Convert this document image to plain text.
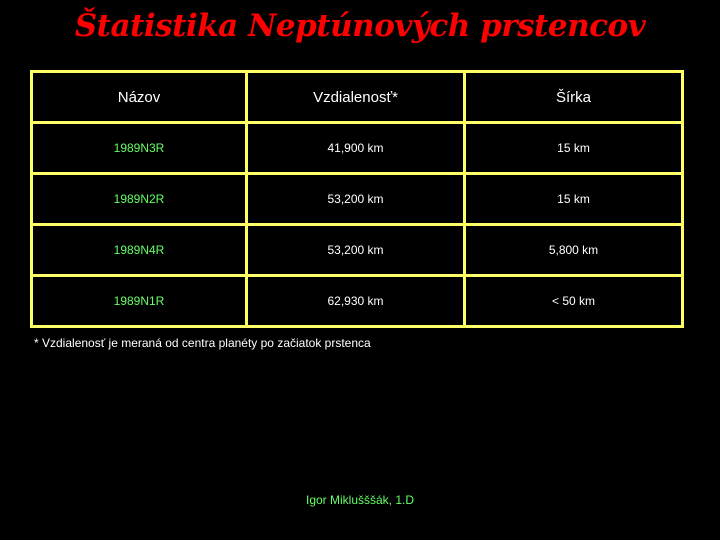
Štatistika Neptúnových prstencov
Názov	Vzdialenosť*	Šírka
1989N3R	41,900 km	15 km
1989N2R	53,200 km	15 km
1989N4R	53,200 km	5,800 km
1989N1R	62,930 km	< 50 km
* Vzdialenosť je meraná od centra planéty po začiatok prstenca
Igor Miklušššák, 1.D
